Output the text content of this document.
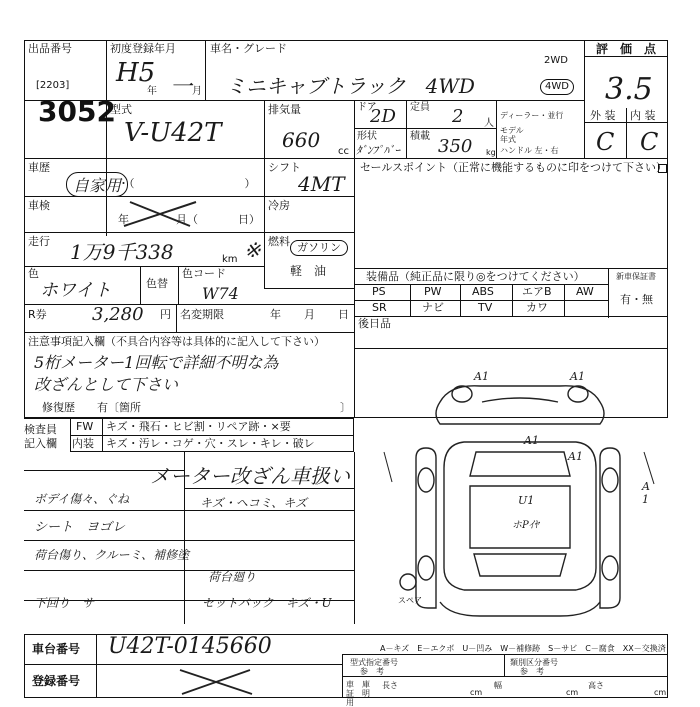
出品番号
[2203]
3052
初度登録年月
H5
年 一 月
車名・グレード
ミニキャブトラック　4WD
2WD
4WD
評　価　点
3.5
型式
V-U42T
排気量
660 cc
ドア
2D 定員 2 人
形状
ﾀﾞﾝﾌﾟﾊﾞｰ
積載 350 kg
ディーラー・並行
モデル年式
ハンドル 左・右
外 装 内 装
C C
車歴
自家用
・（　　　　　　　　　　）
シフト
4MT
セールスポイント（正常に機能するものに印をつけて下さい）
車検
年	月（	日）
冷房
走行 1万9千338	km ※ 燃料 ガソリン
軽　油
色
ホワイト	色替
色コード
W74
R券	3,280 円 名変期限	年 月 日
装備品（純正品に限り◎をつけてください）	新車保証書
有・無
PS	PW	ABS	エアB AW
SR	ナビ	TV	カワ
後日品
注意事項記入欄（不具合内容等は具体的に記入して下さい）
5桁メーター1回転で詳細不明な為
改ざんとして下さい
修復歴　　有〔箇所	〕
検査員
記入欄
FW キズ・飛石・ヒビ割・リペア跡・×要
内装 キズ・汚レ・コゲ・穴・スレ・キレ・破レ
メーター改ざん車扱い
ボデイ傷々、ぐね
シート　ヨゴレ
荷台傷り、クルーミ、補修塗
下回り　サ
キズ・ヘコミ、キズ
荷台廻り
セットバック　キズ・U
A1	A1
A1
A1
A
1
U1
ホPｲﾔ
スペア
車台番号 U42T-0145660
登録番号
A－キズ　E－エクボ　U－凹み　W－補修跡　S－サビ　C－腐食　XX－交換済
型式指定番号
参　考
類別区分番号
参　考
車　庫　証　明　用
長さ
cm
幅
cm
高さ
cm
